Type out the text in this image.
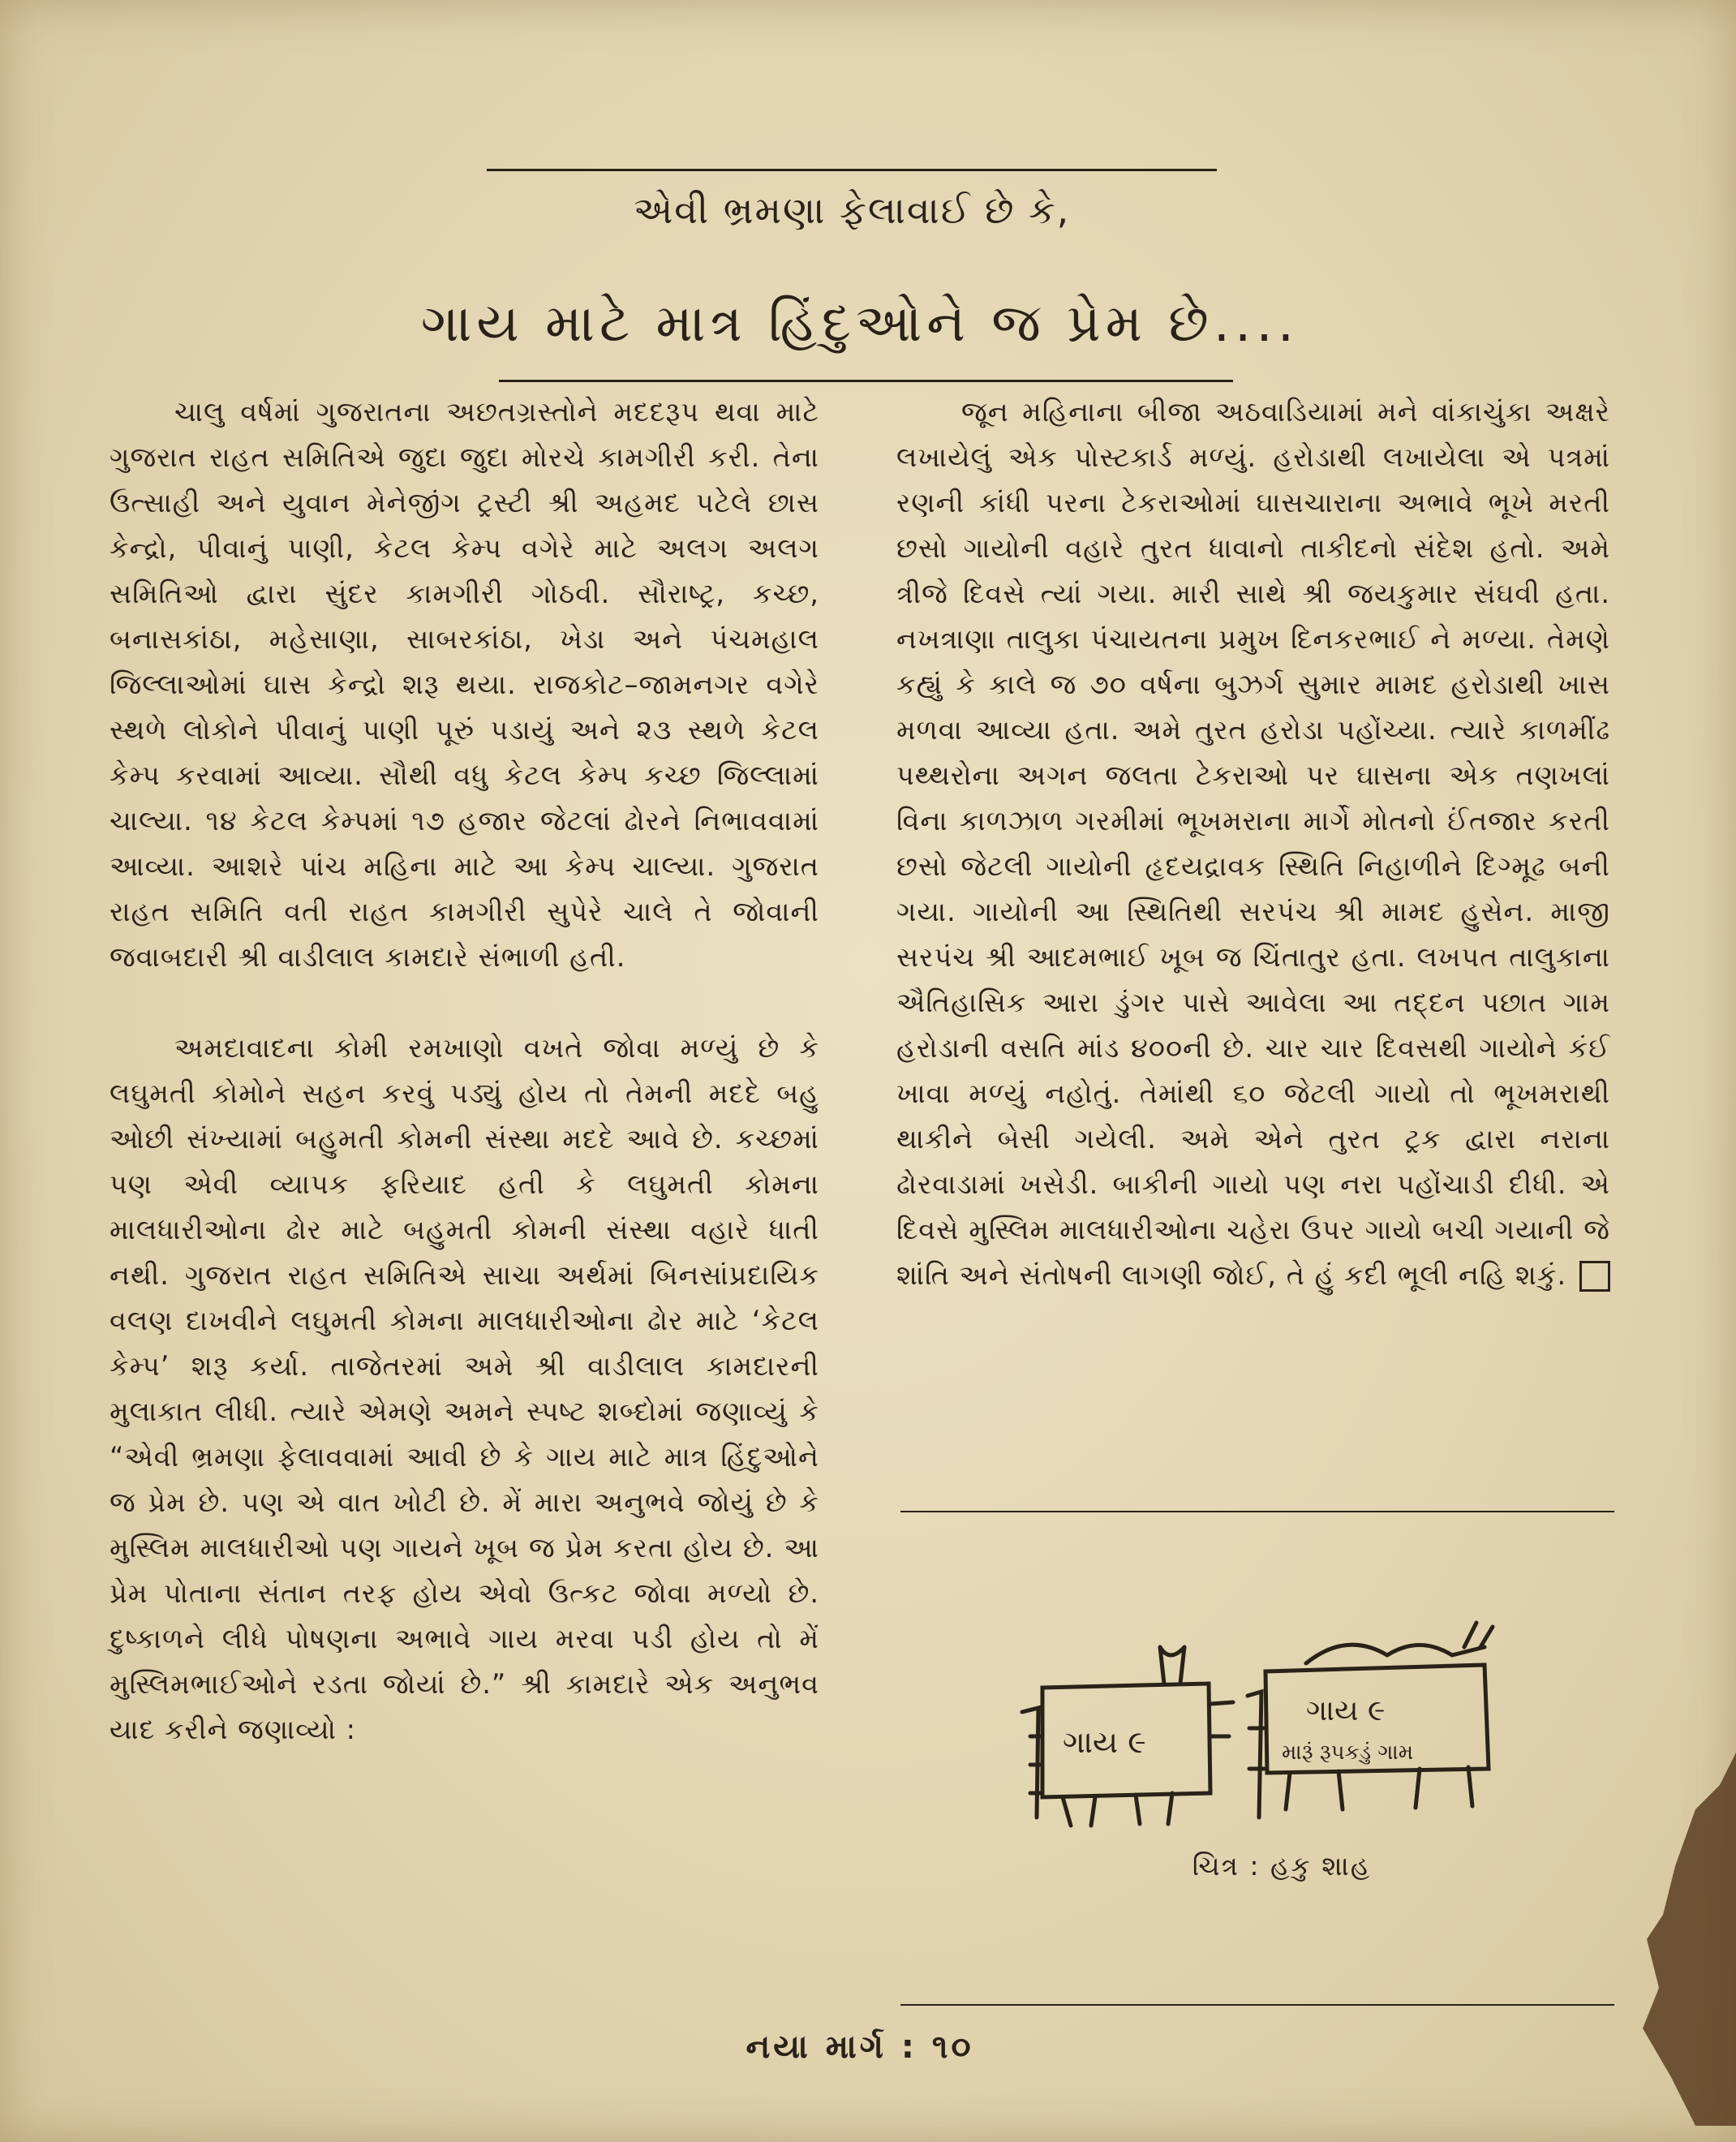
એવી ભ્રમણા ફેલાવાઈ છે કે,
ગાય માટે માત્ર હિંદુઓને જ પ્રેમ છે....

ચાલુ વર્ષમાં ગુજરાતના અછતગ્રસ્તોને મદદરૂપ થવા માટે ગુજરાત રાહત સમિતિએ જુદા જુદા મોરચે કામગીરી કરી. તેના ઉત્સાહી અને યુવાન મેનેજીંગ ટ્રસ્ટી શ્રી અહમદ પટેલે છાસ કેન્દ્રો, પીવાનું પાણી, કેટલ કેમ્પ વગેરે માટે અલગ અલગ સમિતિઓ દ્વારા સુંદર કામગીરી ગોઠવી. સૌરાષ્ટ્ર, કચ્છ, બનાસકાંઠા, મહેસાણા, સાબરકાંઠા, ખેડા અને પંચમહાલ જિલ્લાઓમાં ઘાસ કેન્દ્રો શરૂ થયા. રાજકોટ–જામનગર વગેરે સ્થળે લોકોને પીવાનું પાણી પૂરું પડાયું અને ૨૩ સ્થળે કેટલ કેમ્પ કરવામાં આવ્યા. સૌથી વધુ કેટલ કેમ્પ કચ્છ જિલ્લામાં ચાલ્યા. ૧૪ કેટલ કેમ્પમાં ૧૭ હજાર જેટલાં ઢોરને નિભાવવામાં આવ્યા. આશરે પાંચ મહિના માટે આ કેમ્પ ચાલ્યા. ગુજરાત રાહત સમિતિ વતી રાહત કામગીરી સુપેરે ચાલે તે જોવાની જવાબદારી શ્રી વાડીલાલ કામદારે સંભાળી હતી.

અમદાવાદના કોમી રમખાણો વખતે જોવા મળ્યું છે કે લઘુમતી કોમોને સહન કરવું પડ્યું હોય તો તેમની મદદે બહુ ઓછી સંખ્યામાં બહુમતી કોમની સંસ્થા મદદે આવે છે. કચ્છમાં પણ એવી વ્યાપક ફરિયાદ હતી કે લઘુમતી કોમના માલધારીઓના ઢોર માટે બહુમતી કોમની સંસ્થા વહારે ધાતી નથી. ગુજરાત રાહત સમિતિએ સાચા અર્થમાં બિનસાંપ્રદાયિક વલણ દાખવીને લઘુમતી કોમના માલધારીઓના ઢોર માટે ‘કેટલ કેમ્પ’ શરૂ કર્યા. તાજેતરમાં અમે શ્રી વાડીલાલ કામદારની મુલાકાત લીધી. ત્યારે એમણે અમને સ્પષ્ટ શબ્દોમાં જણાવ્યું કે “એવી ભ્રમણા ફેલાવવામાં આવી છે કે ગાય માટે માત્ર હિંદુઓને જ પ્રેમ છે. પણ એ વાત ખોટી છે. મેં મારા અનુભવે જોયું છે કે મુસ્લિમ માલધારીઓ પણ ગાયને ખૂબ જ પ્રેમ કરતા હોય છે. આ પ્રેમ પોતાના સંતાન તરફ હોય એવો ઉત્કટ જોવા મળ્યો છે. દુષ્કાળને લીધે પોષણના અભાવે ગાય મરવા પડી હોય તો મેં મુસ્લિમભાઈઓને રડતા જોયાં છે.” શ્રી કામદારે એક અનુભવ યાદ કરીને જણાવ્યો :

જૂન મહિનાના બીજા અઠવાડિયામાં મને વાંકાચુંકા અક્ષરે લખાયેલું એક પોસ્ટકાર્ડ મળ્યું. હરોડાથી લખાયેલા એ પત્રમાં રણની કાંધી પરના ટેકરાઓમાં ઘાસચારાના અભાવે ભૂખે મરતી છસો ગાયોની વહારે તુરત ધાવાનો તાકીદનો સંદેશ હતો. અમે ત્રીજે દિવસે ત્યાં ગયા. મારી સાથે શ્રી જયકુમાર સંઘવી હતા. નખત્રાણા તાલુકા પંચાયતના પ્રમુખ દિનકરભાઈ ને મળ્યા. તેમણે કહ્યું કે કાલે જ ૭૦ વર્ષના બુઝર્ગ સુમાર મામદ હરોડાથી ખાસ મળવા આવ્યા હતા. અમે તુરત હરોડા પહોંચ્યા. ત્યારે કાળમીંઢ પથ્થરોના અગન જલતા ટેકરાઓ પર ઘાસના એક તણખલાં વિના કાળઝાળ ગરમીમાં ભૂખમરાના માર્ગે મોતનો ઈંતજાર કરતી છસો જેટલી ગાયોની હૃદયદ્રાવક સ્થિતિ નિહાળીને દિગ્મૂઢ બની ગયા. ગાયોની આ સ્થિતિથી સરપંચ શ્રી મામદ હુસેન. માજી સરપંચ શ્રી આદમભાઈ ખૂબ જ ચિંતાતુર હતા. લખપત તાલુકાના ઐતિહાસિક આરા ડુંગર પાસે આવેલા આ તદ્દન પછાત ગામ હરોડાની વસતિ માંડ ૪૦૦ની છે. ચાર ચાર દિવસથી ગાયોને કંઈ ખાવા મળ્યું નહોતું. તેમાંથી ૬૦ જેટલી ગાયો તો ભૂખમરાથી થાકીને બેસી ગયેલી. અમે એને તુરત ટ્રક દ્વારા નરાના ઢોરવાડામાં ખસેડી. બાકીની ગાયો પણ નરા પહોંચાડી દીધી. એ દિવસે મુસ્લિમ માલધારીઓના ચહેરા ઉપર ગાયો બચી ગયાની જે શાંતિ અને સંતોષની લાગણી જોઈ, તે હું કદી ભૂલી નહિ શકું.

ગાય ૯
ગાય ૯
મારૂં રૂપકડું ગામ
ચિત્ર : હકુ શાહ
નયા માર્ગ : ૧૦
